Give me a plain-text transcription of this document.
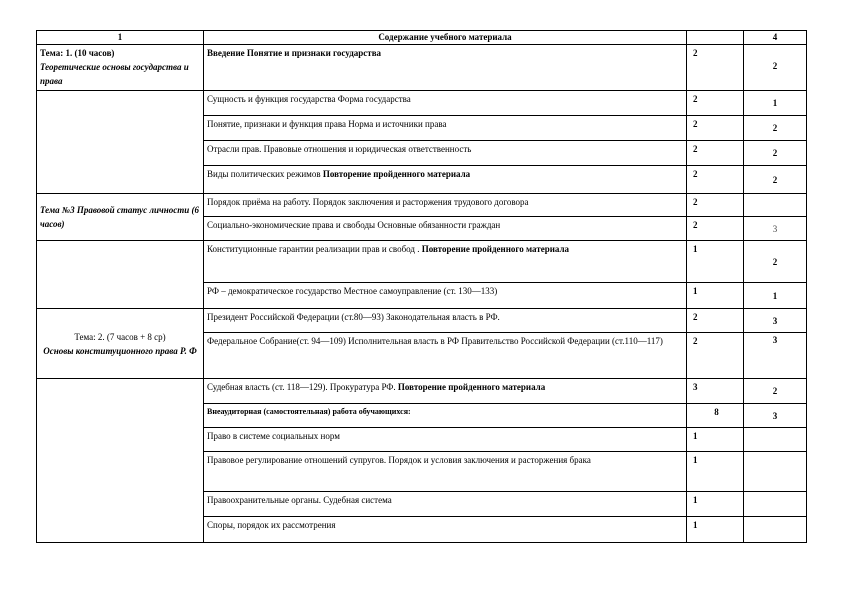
1	Содержание учебного материала		4

Тема: 1. (10 часов)
Теоретические основы государства и права	Введение Понятие и признаки государства	2	2
	Сущность и функция государства Форма государства	2	1
	Понятие, признаки и функция права Норма и источники права	2	2
	Отрасли прав. Правовые отношения и юридическая ответственность	2	2
	Виды политических режимов Повторение пройденного материала	2	2

Тема №3 Правовой статус личности (6 часов)	Порядок приёма на работу. Порядок заключения и расторжения трудового договора	2	
	Социально-экономические права и свободы Основные обязанности граждан	2	3
	Конституционные гарантии реализации прав и свобод . Повторение пройденного материала	1	2
	РФ – демократическое государство Местное самоуправление (ст. 130—133)	1	1

Тема: 2. (7 часов + 8 ср)
Основы конституционного права Р. Ф	Президент Российской Федерации (ст.80—93) Законодательная власть в РФ.	2	3
	Федеральное Собрание(ст. 94—109) Исполнительная власть в РФ Правительство Российской Федерации (ст.110—117)	2	3
	Судебная власть (ст. 118—129). Прокуратура РФ. Повторение пройденного материала	3	2
	Внеаудиторная (самостоятельная) работа обучающихся:	8	3
	Право в системе социальных норм	1	
	Правовое регулирование отношений супругов. Порядок и условия заключения и расторжения брака	1	
	Правоохранительные органы. Судебная система	1	
	Споры, порядок их рассмотрения	1	
